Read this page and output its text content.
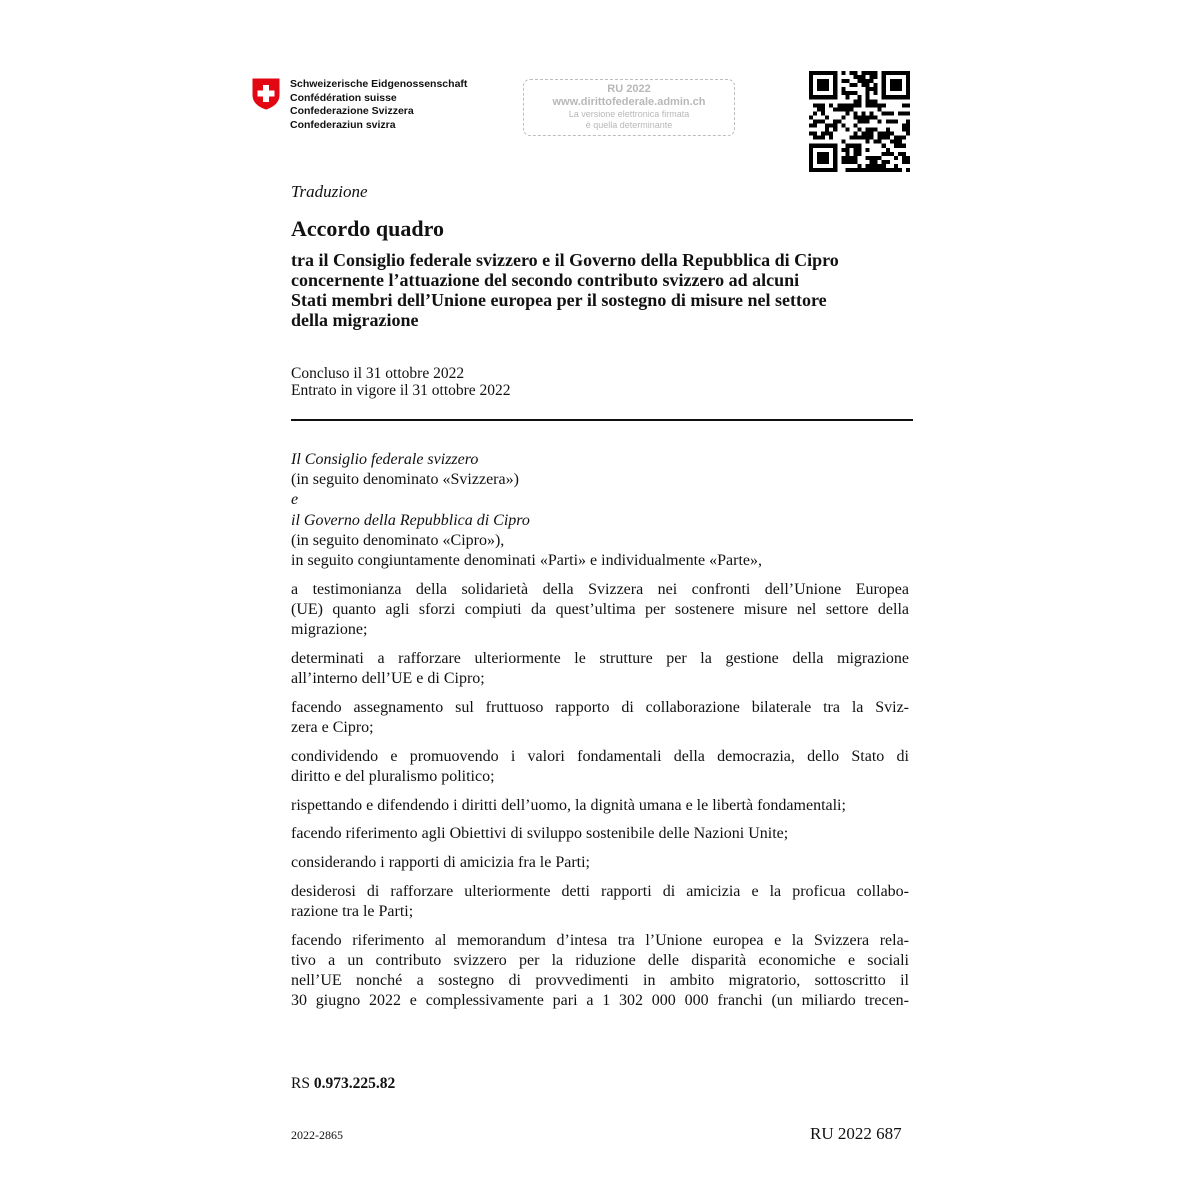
Schweizerische Eidgenossenschaft
Confédération suisse
Confederazione Svizzera
Confederaziun svizra
RU 2022
www.dirittofederale.admin.ch
La versione elettronica firmata
è quella determinante
Traduzione
Accordo quadro
tra il Consiglio federale svizzero e il Governo della Repubblica di Cipro
concernente l’attuazione del secondo contributo svizzero ad alcuni
Stati membri dell’Unione europea per il sostegno di misure nel settore
della migrazione
Concluso il 31 ottobre 2022
Entrato in vigore il 31 ottobre 2022
Il Consiglio federale svizzero
(in seguito denominato «Svizzera»)
e
il Governo della Repubblica di Cipro
(in seguito denominato «Cipro»),
in seguito congiuntamente denominati «Parti» e individualmente «Parte»,
a testimonianza della solidarietà della Svizzera nei confronti dell’Unione Europea
(UE) quanto agli sforzi compiuti da quest’ultima per sostenere misure nel settore della
migrazione;
determinati a rafforzare ulteriormente le strutture per la gestione della migrazione
all’interno dell’UE e di Cipro;
facendo assegnamento sul fruttuoso rapporto di collaborazione bilaterale tra la Sviz-
zera e Cipro;
condividendo e promuovendo i valori fondamentali della democrazia, dello Stato di
diritto e del pluralismo politico;
rispettando e difendendo i diritti dell’uomo, la dignità umana e le libertà fondamentali;
facendo riferimento agli Obiettivi di sviluppo sostenibile delle Nazioni Unite;
considerando i rapporti di amicizia fra le Parti;
desiderosi di rafforzare ulteriormente detti rapporti di amicizia e la proficua collabo-
razione tra le Parti;
facendo riferimento al memorandum d’intesa tra l’Unione europea e la Svizzera rela-
tivo a un contributo svizzero per la riduzione delle disparità economiche e sociali
nell’UE nonché a sostegno di provvedimenti in ambito migratorio, sottoscritto il
30 giugno 2022 e complessivamente pari a 1 302 000 000 franchi (un miliardo trecen-
RS 0.973.225.82
2022-2865	RU 2022 687
